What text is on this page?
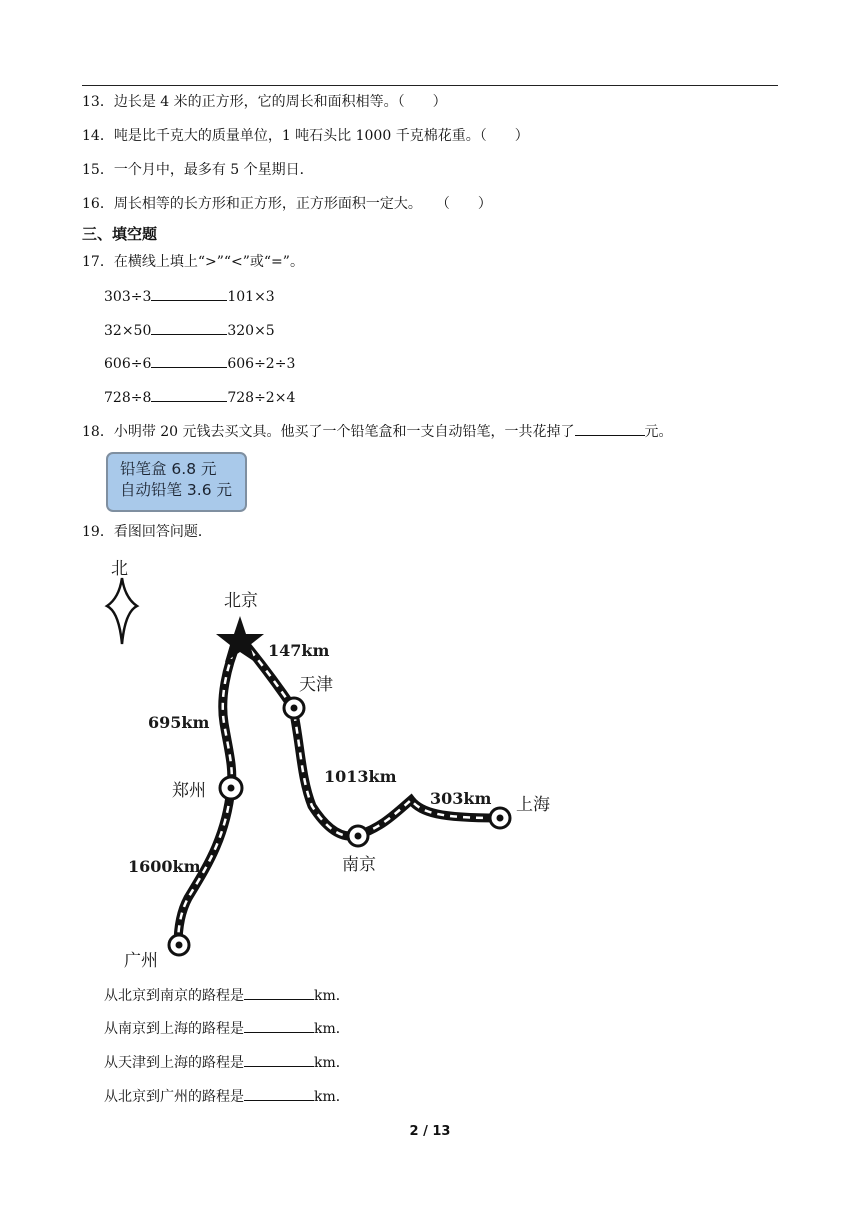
13．边长是 4 米的正方形，它的周长和面积相等。（　　）
14．吨是比千克大的质量单位，1 吨石头比 1000 千克棉花重。（　　）
15．一个月中，最多有 5 个星期日．
16．周长相等的长方形和正方形，正方形面积一定大。　　（　　）
三、填空题
17．在横线上填上“>”“<”或“=”。
303÷3	101×3
32×50	320×5
606÷6	606÷2÷3
728÷8	728÷2×4
18．小明带 20 元钱去买文具。他买了一个铅笔盒和一支自动铅笔，一共花掉了	元。
铅笔盒 6.8 元
自动铅笔 3.6 元
19．看图回答问题．
北
北京
天津
郑州
南京
上海
广州
147km
695km
1013km
303km
1600km
从北京到南京的路程是	km．
从南京到上海的路程是	km．
从天津到上海的路程是	km．
从北京到广州的路程是	km．
2 / 13
